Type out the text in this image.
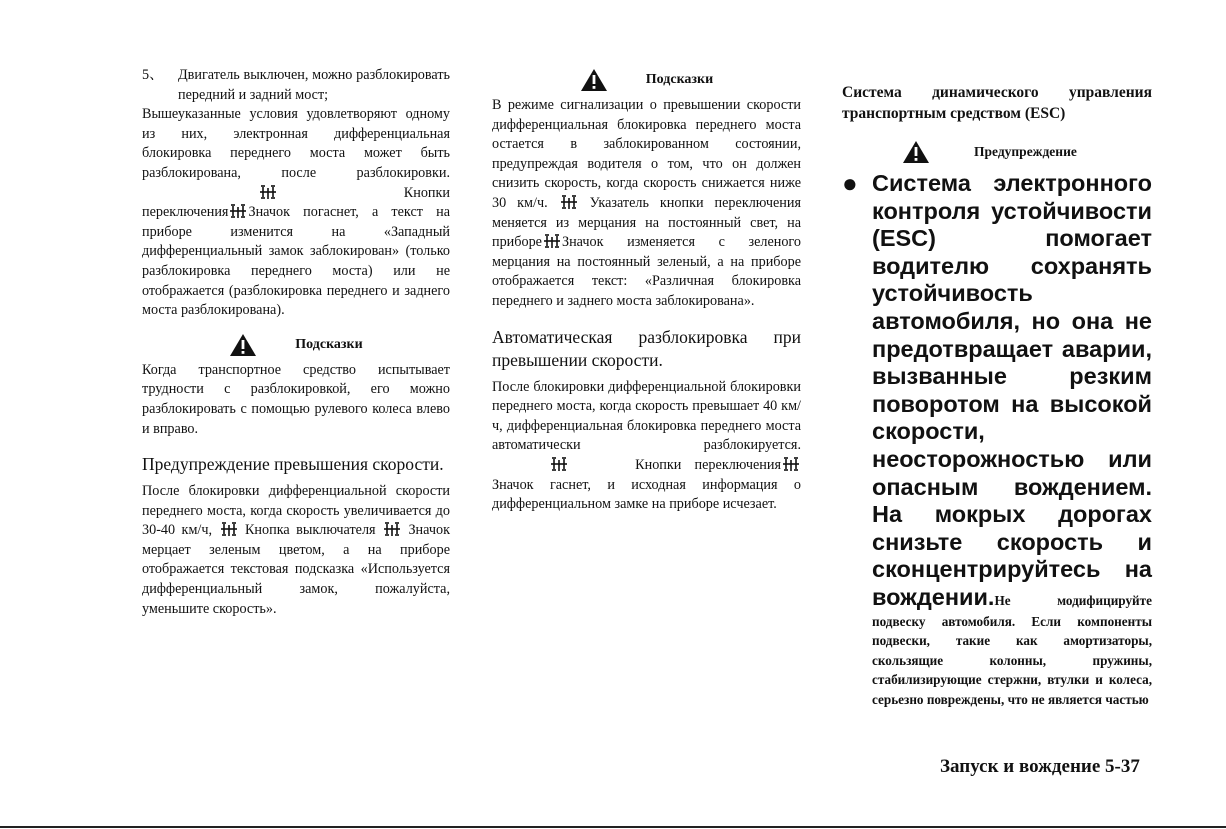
5、	Двигатель выключен, можно разблокировать передний и задний мост;

Вышеуказанные условия удовлетворяют одному из них, электронная дифференциальная блокировка переднего моста может быть разблокирована, после разблокировки.
Кнопки переключения Значок погаснет, а текст на приборе изменится на «Западный дифференциальный замок заблокирован» (только разблокировка переднего моста) или не отображается (разблокировка переднего и заднего моста разблокирована).

Подсказки

Когда транспортное средство испытывает трудности с разблокировкой, его можно разблокировать с помощью рулевого колеса влево и вправо.

Предупреждение превышения скорости.

После блокировки дифференциальной скорости переднего моста, когда скорость увеличивается до 30-40 км/ч, Кнопка выключателя Значок мерцает зеленым цветом, а на приборе отображается текстовая подсказка «Используется дифференциальный замок, пожалуйста, уменьшите скорость».

Подсказки

В режиме сигнализации о превышении скорости дифференциальная блокировка переднего моста остается в заблокированном состоянии, предупреждая водителя о том, что он должен снизить скорость, когда скорость снижается ниже 30 км/ч.	Указатель кнопки переключения меняется из мерцания на постоянный свет, на приборе Значок изменяется с зеленого мерцания на постоянный зеленый, а на приборе отображается текст: «Различная блокировка переднего и заднего моста заблокирована».

Автоматическая разблокировка при превышении скорости.

После блокировки дифференциальной блокировки переднего моста, когда скорость превышает 40 км/ч, дифференциальная блокировка переднего моста автоматически разблокируется.
Кнопки переключения
Значок гаснет, и исходная информация о дифференциальном замке на приборе исчезает.

Система динамического управления транспортным средством (ESC)
Предупреждение
● Система электронного контроля устойчивости (ESC) помогает водителю сохранять устойчивость автомобиля, но она не предотвращает аварии, вызванные резким поворотом на высокой скорости, неосторожностью или опасным вождением. На мокрых дорогах снизьте скорость и сконцентрируйтесь на вождении.Не модифицируйте подвеску автомобиля. Если компоненты подвески, такие как амортизаторы, скользящие колонны, пружины, стабилизирующие стержни, втулки и колеса, серьезно повреждены, что не является частью
Запуск и вождение 5-37
